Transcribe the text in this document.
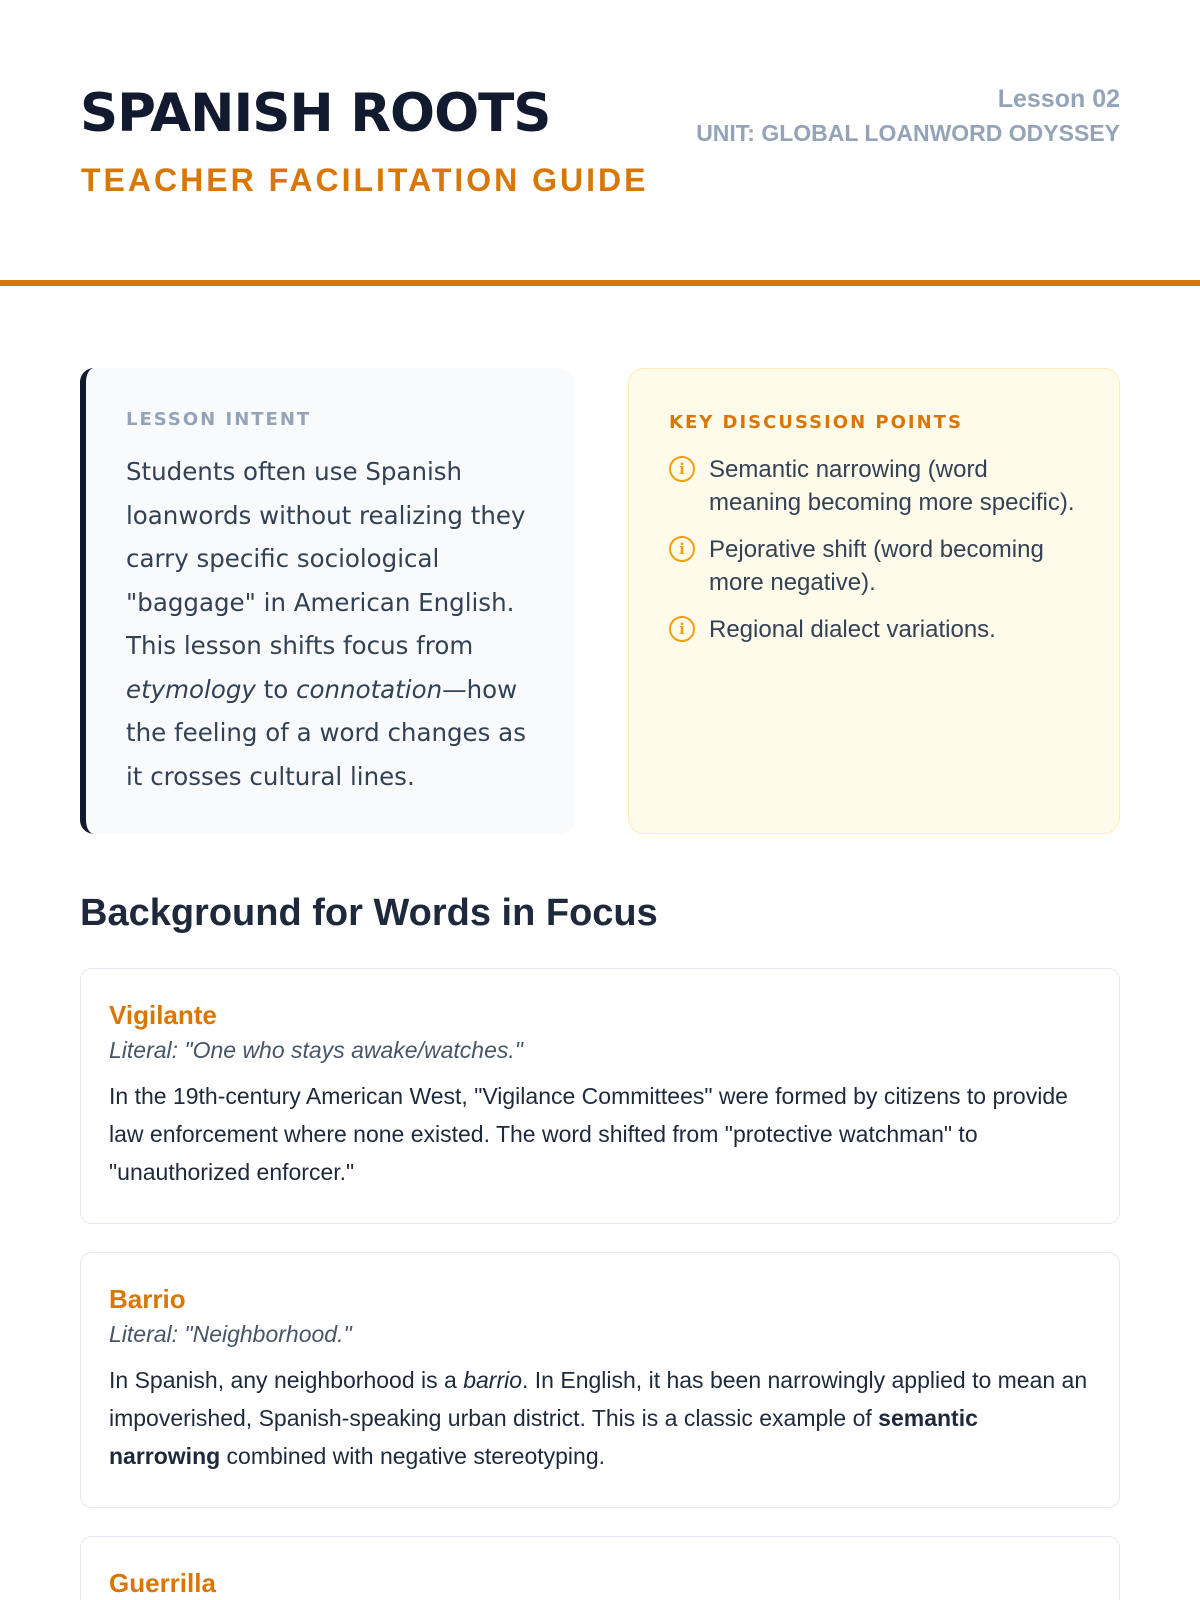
SPANISH ROOTS
TEACHER FACILITATION GUIDE
Lesson 02
UNIT: GLOBAL LOANWORD ODYSSEY
LESSON INTENT

Students often use Spanish loanwords without realizing they carry specific sociological "baggage" in American English. This lesson shifts focus from etymology to connotation—how the feeling of a word changes as it crosses cultural lines.

KEY DISCUSSION POINTS
i	Semantic narrowing (word meaning becoming more specific).
i	Pejorative shift (word becoming more negative).
i	Regional dialect variations.
Background for Words in Focus
Vigilante
Literal: "One who stays awake/watches."

In the 19th-century American West, "Vigilance Committees" were formed by citizens to provide law enforcement where none existed. The word shifted from "protective watchman" to "unauthorized enforcer."

Barrio
Literal: "Neighborhood."

In Spanish, any neighborhood is a barrio. In English, it has been narrowingly applied to mean an impoverished, Spanish-speaking urban district. This is a classic example of semantic narrowing combined with negative stereotyping.

Guerrilla
